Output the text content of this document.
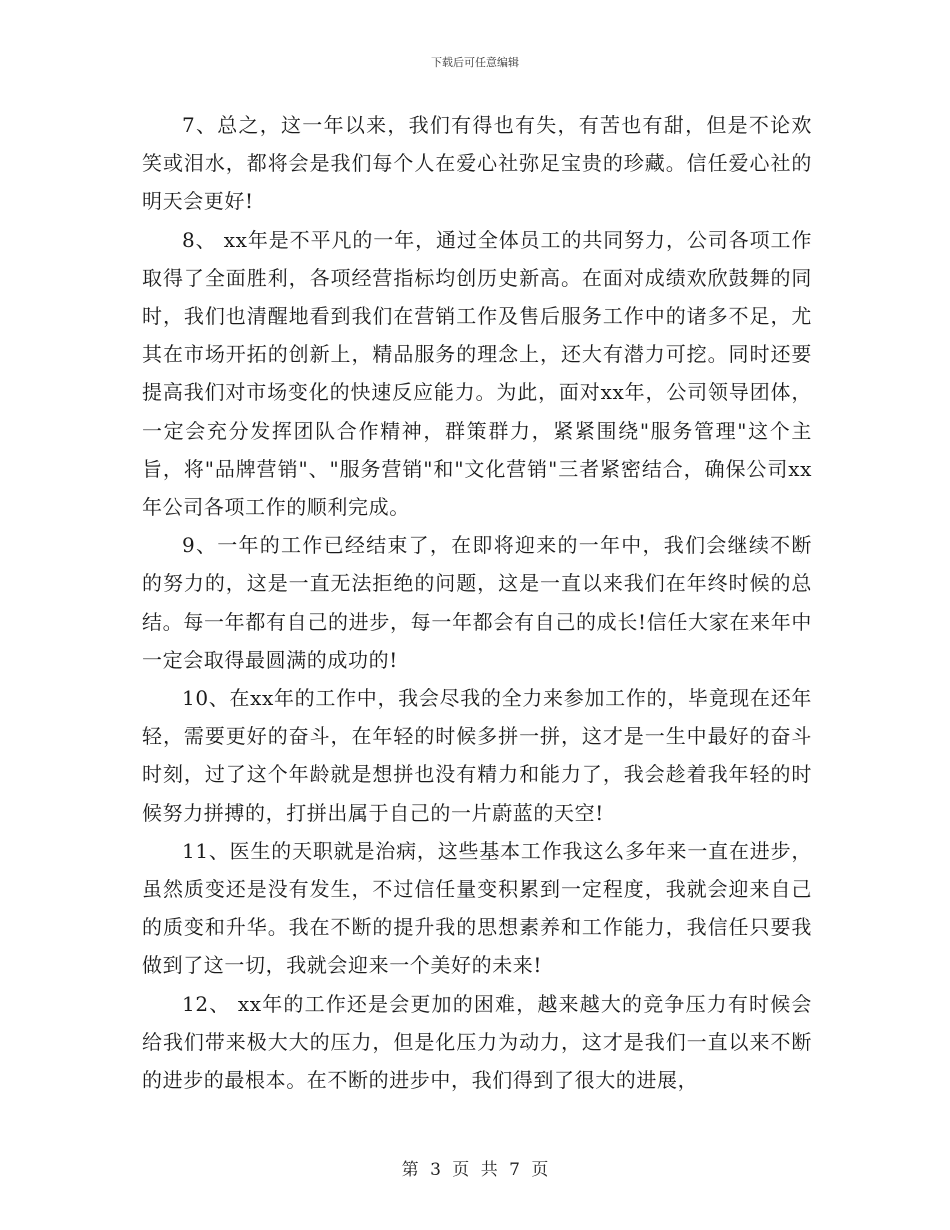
下载后可任意编辑

7、总之，这一年以来，我们有得也有失，有苦也有甜，但是不论欢笑或泪水，都将会是我们每个人在爱心社弥足宝贵的珍藏。信任爱心社的明天会更好!

8、 xx年是不平凡的一年，通过全体员工的共同努力，公司各项工作取得了全面胜利，各项经营指标均创历史新高。在面对成绩欢欣鼓舞的同时，我们也清醒地看到我们在营销工作及售后服务工作中的诸多不足，尤其在市场开拓的创新上，精品服务的理念上，还大有潜力可挖。同时还要提高我们对市场变化的快速反应能力。为此，面对xx年，公司领导团体，一定会充分发挥团队合作精神，群策群力，紧紧围绕"服务管理"这个主旨，将"品牌营销"、"服务营销"和"文化营销"三者紧密结合，确保公司xx年公司各项工作的顺利完成。

9、一年的工作已经结束了，在即将迎来的一年中，我们会继续不断的努力的，这是一直无法拒绝的问题，这是一直以来我们在年终时候的总结。每一年都有自己的进步，每一年都会有自己的成长!信任大家在来年中一定会取得最圆满的成功的!

10、在xx年的工作中，我会尽我的全力来参加工作的，毕竟现在还年轻，需要更好的奋斗，在年轻的时候多拼一拼，这才是一生中最好的奋斗时刻，过了这个年龄就是想拼也没有精力和能力了，我会趁着我年轻的时候努力拼搏的，打拼出属于自己的一片蔚蓝的天空!

11、医生的天职就是治病，这些基本工作我这么多年来一直在进步，虽然质变还是没有发生，不过信任量变积累到一定程度，我就会迎来自己的质变和升华。我在不断的提升我的思想素养和工作能力，我信任只要我做到了这一切，我就会迎来一个美好的未来!

12、 xx年的工作还是会更加的困难，越来越大的竞争压力有时候会给我们带来极大大的压力，但是化压力为动力，这才是我们一直以来不断的进步的最根本。在不断的进步中，我们得到了很大的进展，

第 3 页 共 7 页
